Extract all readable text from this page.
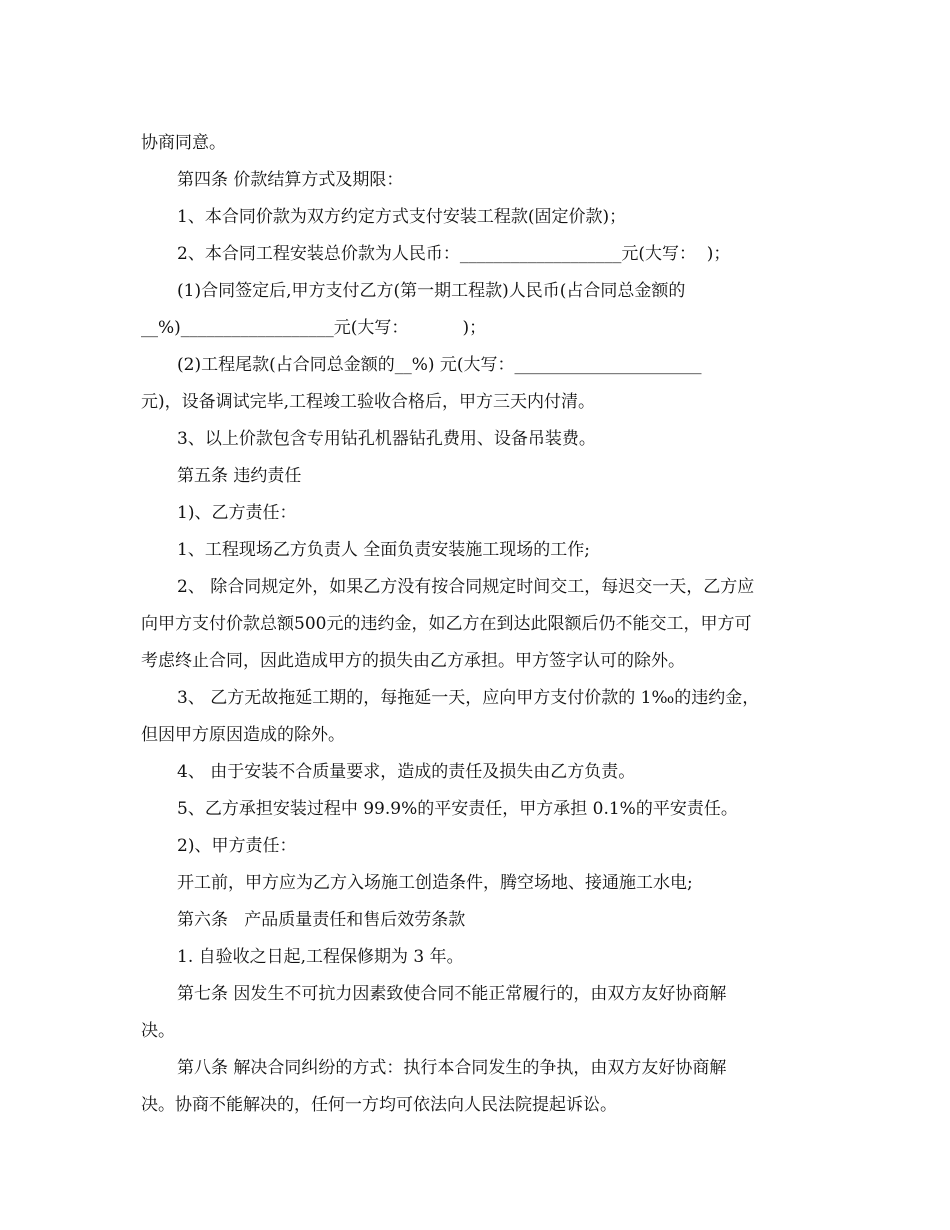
协商同意。
第四条 价款结算方式及期限：
1、本合同价款为双方约定方式支付安装工程款(固定价款)；
2、本合同工程安装总价款为人民币：___________________元(大写：  )；
(1)合同签定后,甲方支付乙方(第一期工程款)人民币(占合同总金额的
__%)__________________元(大写：          )；
(2)工程尾款(占合同总金额的__%) 元(大写：______________________
元)，设备调试完毕,工程竣工验收合格后，甲方三天内付清。
3、以上价款包含专用钻孔机器钻孔费用、设备吊装费。
第五条 违约责任
1)、乙方责任：
1、工程现场乙方负责人 全面负责安装施工现场的工作;
2、 除合同规定外，如果乙方没有按合同规定时间交工，每迟交一天，乙方应
向甲方支付价款总额500元的违约金，如乙方在到达此限额后仍不能交工，甲方可
考虑终止合同，因此造成甲方的损失由乙方承担。甲方签字认可的除外。
3、 乙方无故拖延工期的，每拖延一天，应向甲方支付价款的 1‰的违约金，
但因甲方原因造成的除外。
4、 由于安装不合质量要求，造成的责任及损失由乙方负责。
5、乙方承担安装过程中 99.9%的平安责任，甲方承担 0.1%的平安责任。
2)、甲方责任：
开工前，甲方应为乙方入场施工创造条件，腾空场地、接通施工水电;
第六条   产品质量责任和售后效劳条款
1. 自验收之日起,工程保修期为 3 年。
第七条 因发生不可抗力因素致使合同不能正常履行的，由双方友好协商解
决。
第八条 解决合同纠纷的方式：执行本合同发生的争执，由双方友好协商解
决。协商不能解决的，任何一方均可依法向人民法院提起诉讼。
